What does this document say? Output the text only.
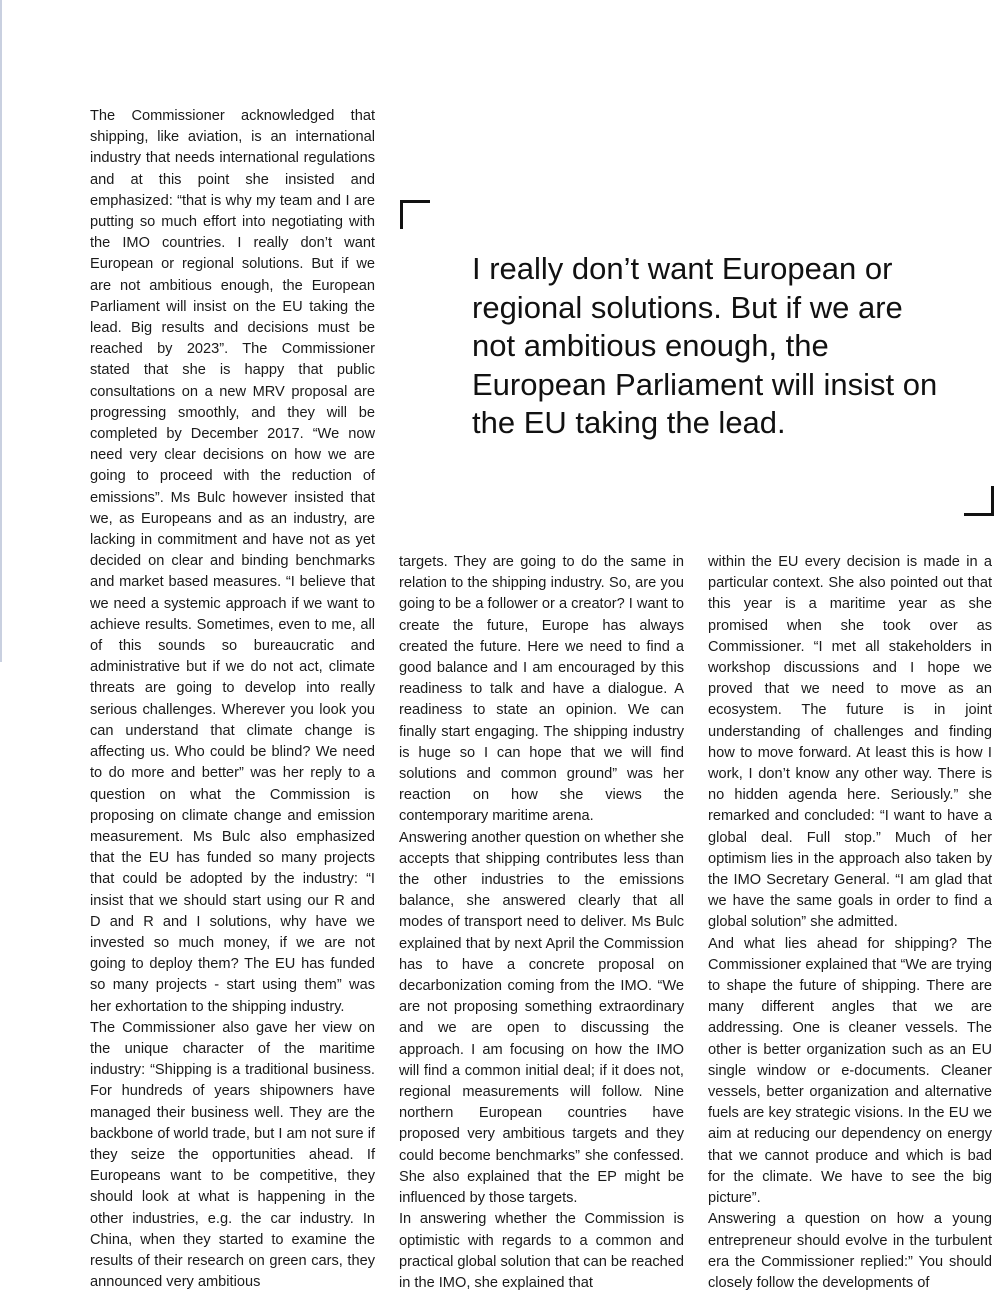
The Commissioner acknowledged that shipping, like aviation, is an international industry that needs international regulations and at this point she insisted and emphasized: “that is why my team and I are putting so much effort into negotiating with the IMO countries. I really don’t want European or regional solutions. But if we are not ambitious enough, the European Parliament will insist on the EU taking the lead. Big results and decisions must be reached by 2023”. The Commissioner stated that she is happy that public consultations on a new MRV proposal are progressing smoothly, and they will be completed by December 2017. “We now need very clear decisions on how we are going to proceed with the reduction of emissions”. Ms Bulc however insisted that we, as Europeans and as an industry, are lacking in commitment and have not as yet decided on clear and binding benchmarks and market based measures. “I believe that we need a systemic approach if we want to achieve results. Sometimes, even to me, all of this sounds so bureaucratic and administrative but if we do not act, climate threats are going to develop into really serious challenges. Wherever you look you can understand that climate change is affecting us. Who could be blind? We need to do more and better” was her reply to a question on what the Commission is proposing on climate change and emission measurement. Ms Bulc also emphasized that the EU has funded so many projects that could be adopted by the industry: “I insist that we should start using our R and D and R and I solutions, why have we invested so much money, if we are not going to deploy them? The EU has funded so many projects - start using them” was her exhortation to the shipping industry.

The Commissioner also gave her view on the unique character of the maritime industry: “Shipping is a traditional business. For hundreds of years shipowners have managed their business well. They are the backbone of world trade, but I am not sure if they seize the opportunities ahead. If Europeans want to be competitive, they should look at what is happening in the other industries, e.g. the car industry. In China, when they started to examine the results of their research on green cars, they announced very ambitious

I really don’t want European or regional solutions. But if we are not ambitious enough, the European Parliament will insist on the EU taking the lead.

targets. They are going to do the same in relation to the shipping industry. So, are you going to be a follower or a creator? I want to create the future, Europe has always created the future. Here we need to find a good balance and I am encouraged by this readiness to talk and have a dialogue. A readiness to state an opinion. We can finally start engaging. The shipping industry is huge so I can hope that we will find solutions and common ground” was her reaction on how she views the contemporary maritime arena.

Answering another question on whether she accepts that shipping contributes less than the other industries to the emissions balance, she answered clearly that all modes of transport need to deliver. Ms Bulc explained that by next April the Commission has to have a concrete proposal on decarbonization coming from the IMO. “We are not proposing something extraordinary and we are open to discussing the approach. I am focusing on how the IMO will find a common initial deal; if it does not, regional measurements will follow. Nine northern European countries have proposed very ambitious targets and they could become benchmarks” she confessed. She also explained that the EP might be influenced by those targets.

In answering whether the Commission is optimistic with regards to a common and practical global solution that can be reached in the IMO, she explained that

within the EU every decision is made in a particular context. She also pointed out that this year is a maritime year as she promised when she took over as Commissioner. “I met all stakeholders in workshop discussions and I hope we proved that we need to move as an ecosystem. The future is in joint understanding of challenges and finding how to move forward. At least this is how I work, I don’t know any other way. There is no hidden agenda here. Seriously.” she remarked and concluded: “I want to have a global deal. Full stop.” Much of her optimism lies in the approach also taken by the IMO Secretary General. “I am glad that we have the same goals in order to find a global solution” she admitted.

And what lies ahead for shipping? The Commissioner explained that “We are trying to shape the future of shipping. There are many different angles that we are addressing. One is cleaner vessels. The other is better organization such as an EU single window or e-documents. Cleaner vessels, better organization and alternative fuels are key strategic visions. In the EU we aim at reducing our dependency on energy that we cannot produce and which is bad for the climate. We have to see the big picture”.

Answering a question on how a young entrepreneur should evolve in the turbulent era the Commissioner replied:” You should closely follow the developments of
